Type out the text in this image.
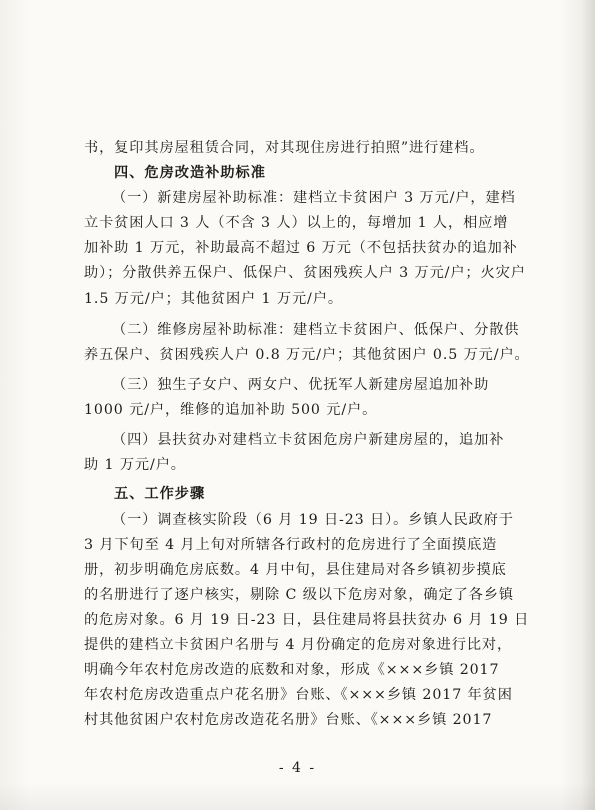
书，复印其房屋租赁合同，对其现住房进行拍照”进行建档。
四、危房改造补助标准
（一）新建房屋补助标准：建档立卡贫困户 3 万元/户，建档
立卡贫困人口 3 人（不含 3 人）以上的，每增加 1 人，相应增
加补助 1 万元，补助最高不超过 6 万元（不包括扶贫办的追加补
助）；分散供养五保户、低保户、贫困残疾人户 3 万元/户；火灾户
1.5 万元/户；其他贫困户 1 万元/户。
（二）维修房屋补助标准：建档立卡贫困户、低保户、分散供
养五保户、贫困残疾人户 0.8 万元/户；其他贫困户 0.5 万元/户。
（三）独生子女户、两女户、优抚军人新建房屋追加补助
1000 元/户，维修的追加补助 500 元/户。
（四）县扶贫办对建档立卡贫困危房户新建房屋的，追加补
助 1 万元/户。
五、工作步骤
（一）调查核实阶段（6 月 19 日-23 日）。乡镇人民政府于
3 月下旬至 4 月上旬对所辖各行政村的危房进行了全面摸底造
册，初步明确危房底数。4 月中旬，县住建局对各乡镇初步摸底
的名册进行了逐户核实，剔除 C 级以下危房对象，确定了各乡镇
的危房对象。6 月 19 日-23 日，县住建局将县扶贫办 6 月 19 日
提供的建档立卡贫困户名册与 4 月份确定的危房对象进行比对，
明确今年农村危房改造的底数和对象，形成《×××乡镇 2017
年农村危房改造重点户花名册》台账、《×××乡镇 2017 年贫困
村其他贫困户农村危房改造花名册》台账、《×××乡镇 2017
- 4 -
